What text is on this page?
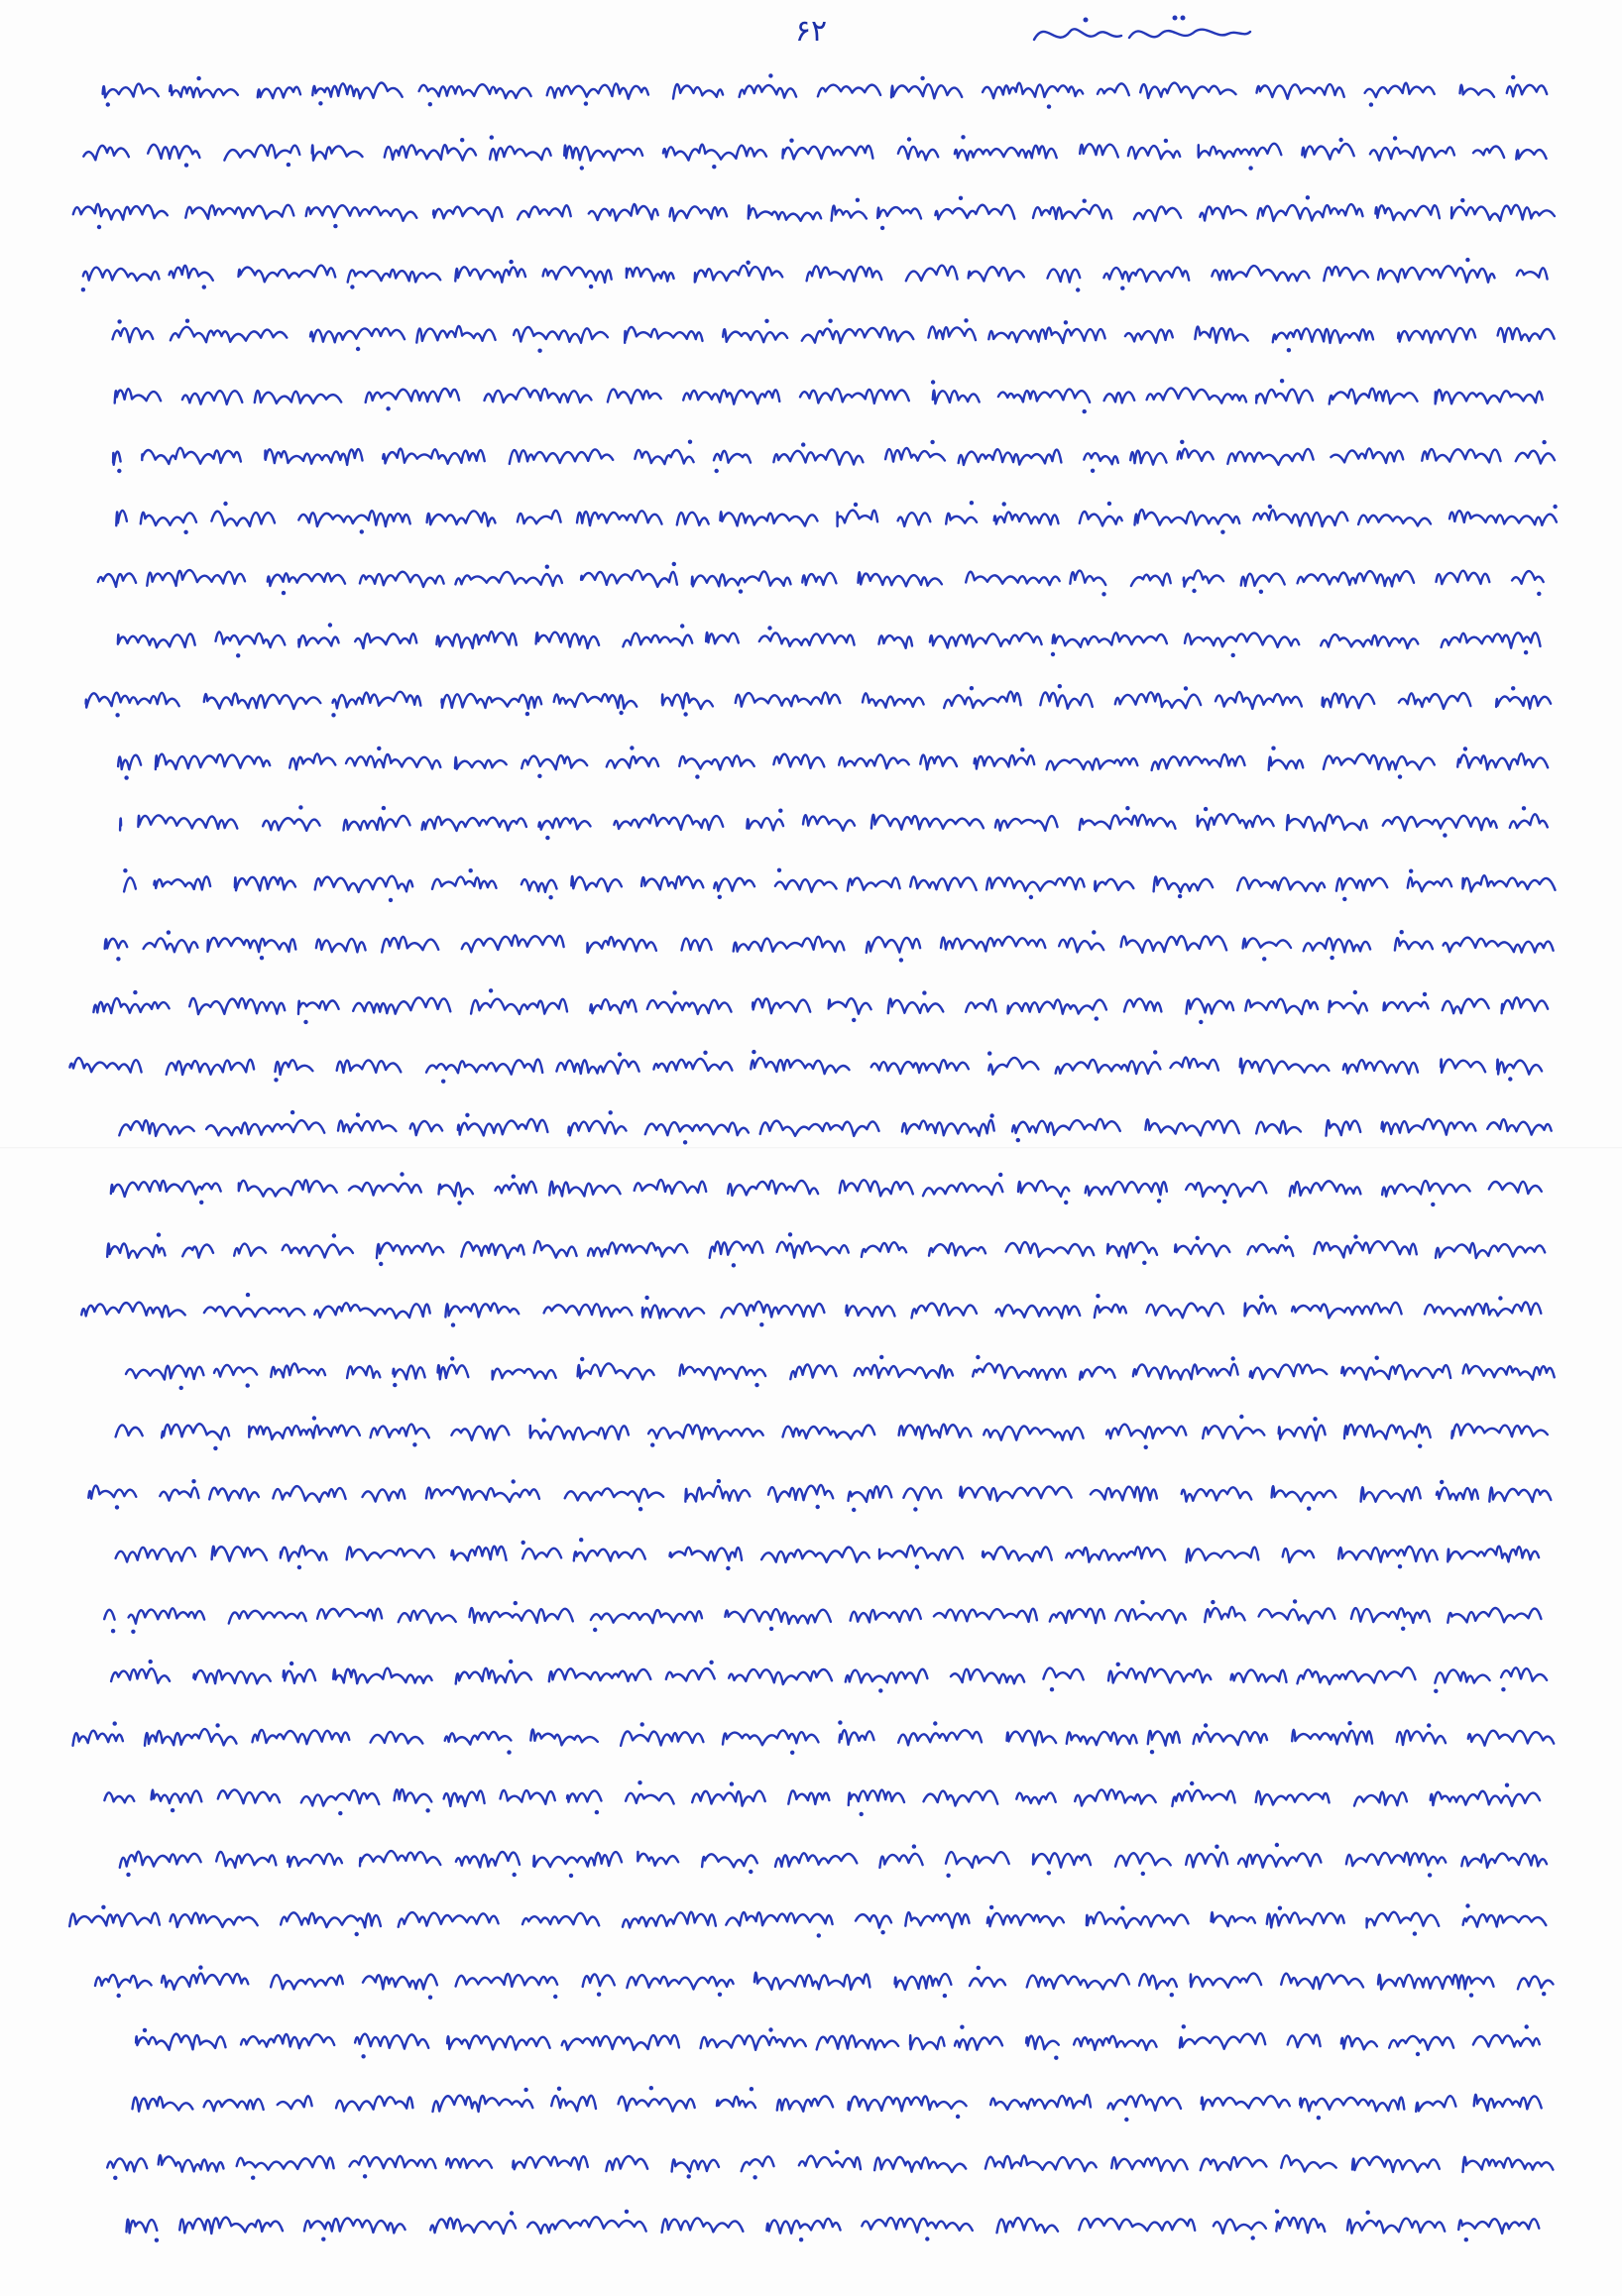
۶۲
